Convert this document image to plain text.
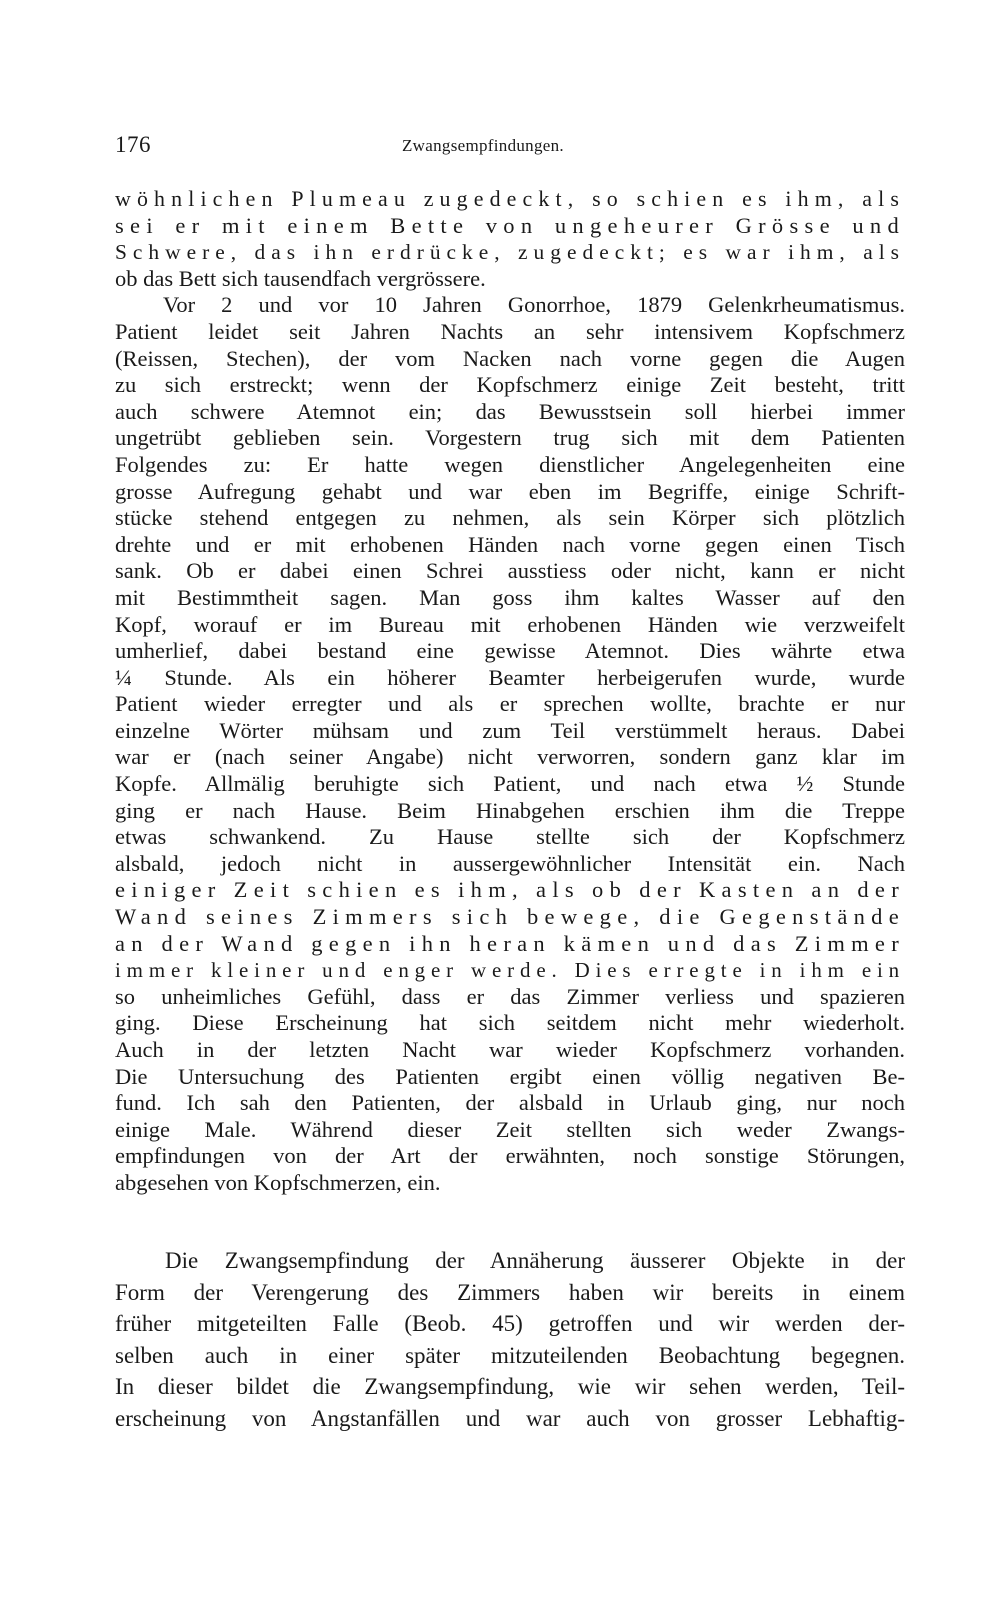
176	Zwangsempfindungen.
wöhnlichen Plumeau zugedeckt, so schien es ihm, als
sei er mit einem Bette von ungeheurer Grösse und
Schwere, das ihn erdrücke, zugedeckt; es war ihm, als
ob das Bett sich tausendfach vergrössere.
Vor 2 und vor 10 Jahren Gonorrhoe, 1879 Gelenkrheumatismus.
Patient leidet seit Jahren Nachts an sehr intensivem Kopfschmerz
(Reissen, Stechen), der vom Nacken nach vorne gegen die Augen
zu sich erstreckt; wenn der Kopfschmerz einige Zeit besteht, tritt
auch schwere Atemnot ein; das Bewusstsein soll hierbei immer
ungetrübt geblieben sein. Vorgestern trug sich mit dem Patienten
Folgendes zu: Er hatte wegen dienstlicher Angelegenheiten eine
grosse Aufregung gehabt und war eben im Begriffe, einige Schrift-
stücke stehend entgegen zu nehmen, als sein Körper sich plötzlich
drehte und er mit erhobenen Händen nach vorne gegen einen Tisch
sank. Ob er dabei einen Schrei ausstiess oder nicht, kann er nicht
mit Bestimmtheit sagen. Man goss ihm kaltes Wasser auf den
Kopf, worauf er im Bureau mit erhobenen Händen wie verzweifelt
umherlief, dabei bestand eine gewisse Atemnot. Dies währte etwa
¼ Stunde. Als ein höherer Beamter herbeigerufen wurde, wurde
Patient wieder erregter und als er sprechen wollte, brachte er nur
einzelne Wörter mühsam und zum Teil verstümmelt heraus. Dabei
war er (nach seiner Angabe) nicht verworren, sondern ganz klar im
Kopfe. Allmälig beruhigte sich Patient, und nach etwa ½ Stunde
ging er nach Hause. Beim Hinabgehen erschien ihm die Treppe
etwas schwankend. Zu Hause stellte sich der Kopfschmerz
alsbald, jedoch nicht in aussergewöhnlicher Intensität ein. Nach
einiger Zeit schien es ihm, als ob der Kasten an der
Wand seines Zimmers sich bewege, die Gegenstände
an der Wand gegen ihn heran kämen und das Zimmer
immer kleiner und enger werde. Dies erregte in ihm ein
so unheimliches Gefühl, dass er das Zimmer verliess und spazieren
ging. Diese Erscheinung hat sich seitdem nicht mehr wiederholt.
Auch in der letzten Nacht war wieder Kopfschmerz vorhanden.
Die Untersuchung des Patienten ergibt einen völlig negativen Be-
fund. Ich sah den Patienten, der alsbald in Urlaub ging, nur noch
einige Male. Während dieser Zeit stellten sich weder Zwangs-
empfindungen von der Art der erwähnten, noch sonstige Störungen,
abgesehen von Kopfschmerzen, ein.
Die Zwangsempfindung der Annäherung äusserer Objekte in der
Form der Verengerung des Zimmers haben wir bereits in einem
früher mitgeteilten Falle (Beob. 45) getroffen und wir werden der-
selben auch in einer später mitzuteilenden Beobachtung begegnen.
In dieser bildet die Zwangsempfindung, wie wir sehen werden, Teil-
erscheinung von Angstanfällen und war auch von grosser Lebhaftig-
